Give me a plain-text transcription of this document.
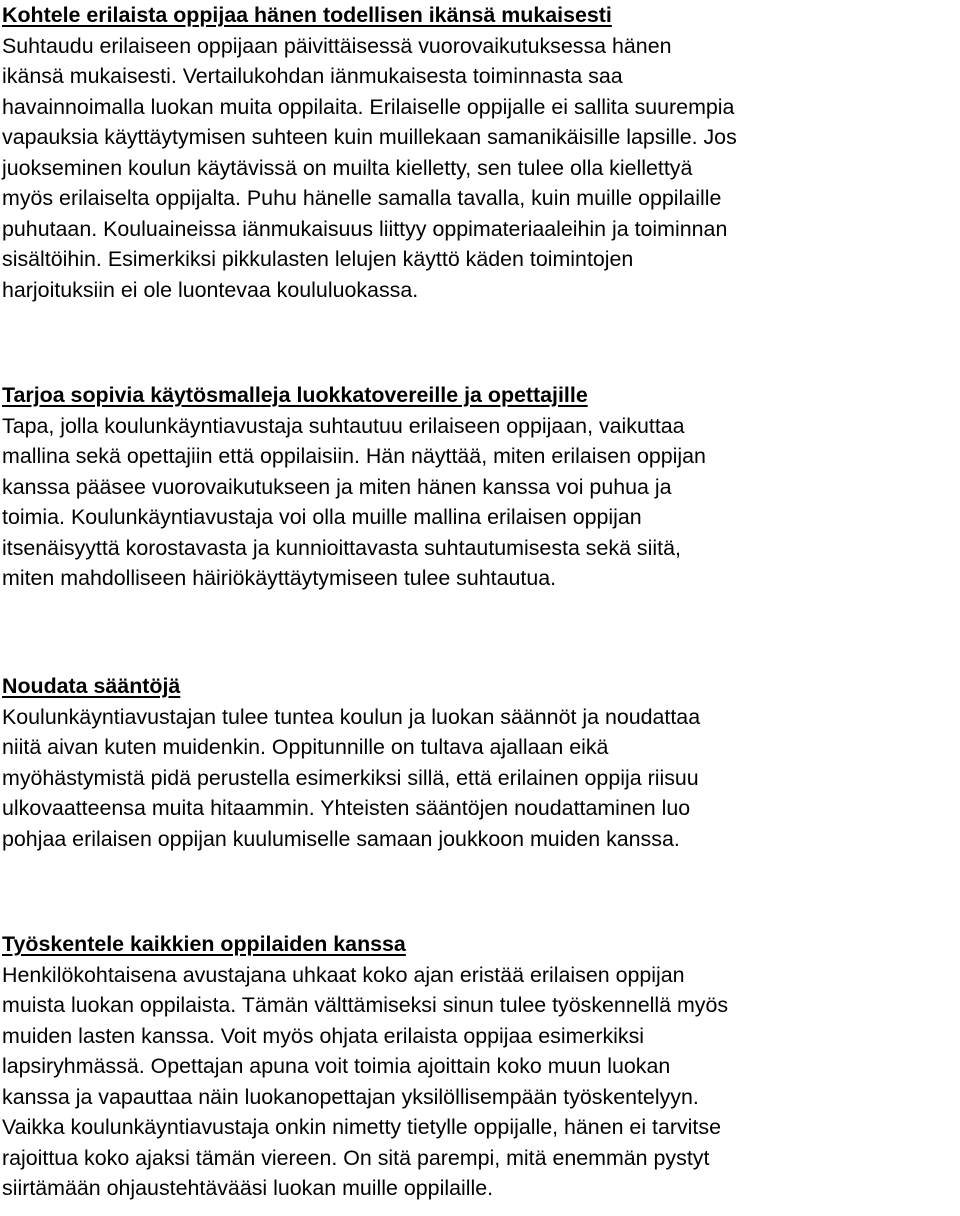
Kohtele erilaista oppijaa hänen todellisen ikänsä mukaisesti
Suhtaudu erilaiseen oppijaan päivittäisessä vuorovaikutuksessa hänen
ikänsä mukaisesti. Vertailukohdan iänmukaisesta toiminnasta saa
havainnoimalla luokan muita oppilaita. Erilaiselle oppijalle ei sallita suurempia
vapauksia käyttäytymisen suhteen kuin muillekaan samanikäisille lapsille. Jos
juokseminen koulun käytävissä on muilta kielletty, sen tulee olla kiellettyä
myös erilaiselta oppijalta. Puhu hänelle samalla tavalla, kuin muille oppilaille
puhutaan. Kouluaineissa iänmukaisuus liittyy oppimateriaaleihin ja toiminnan
sisältöihin. Esimerkiksi pikkulasten lelujen käyttö käden toimintojen
harjoituksiin ei ole luontevaa koululuokassa.
Tarjoa sopivia käytösmalleja luokkatovereille ja opettajille
Tapa, jolla koulunkäyntiavustaja suhtautuu erilaiseen oppijaan, vaikuttaa
mallina sekä opettajiin että oppilaisiin. Hän näyttää, miten erilaisen oppijan
kanssa pääsee vuorovaikutukseen ja miten hänen kanssa voi puhua ja
toimia. Koulunkäyntiavustaja voi olla muille mallina erilaisen oppijan
itsenäisyyttä korostavasta ja kunnioittavasta suhtautumisesta sekä siitä,
miten mahdolliseen häiriökäyttäytymiseen tulee suhtautua.
Noudata sääntöjä
Koulunkäyntiavustajan tulee tuntea koulun ja luokan säännöt ja noudattaa
niitä aivan kuten muidenkin. Oppitunnille on tultava ajallaan eikä
myöhästymistä pidä perustella esimerkiksi sillä, että erilainen oppija riisuu
ulkovaatteensa muita hitaammin. Yhteisten sääntöjen noudattaminen luo
pohjaa erilaisen oppijan kuulumiselle samaan joukkoon muiden kanssa.
Työskentele kaikkien oppilaiden kanssa
Henkilökohtaisena avustajana uhkaat koko ajan eristää erilaisen oppijan
muista luokan oppilaista. Tämän välttämiseksi sinun tulee työskennellä myös
muiden lasten kanssa. Voit myös ohjata erilaista oppijaa esimerkiksi
lapsiryhmässä. Opettajan apuna voit toimia ajoittain koko muun luokan
kanssa ja vapauttaa näin luokanopettajan yksilöllisempään työskentelyyn.
Vaikka koulunkäyntiavustaja onkin nimetty tietylle oppijalle, hänen ei tarvitse
rajoittua koko ajaksi tämän viereen. On sitä parempi, mitä enemmän pystyt
siirtämään ohjaustehtävääsi luokan muille oppilaille.
